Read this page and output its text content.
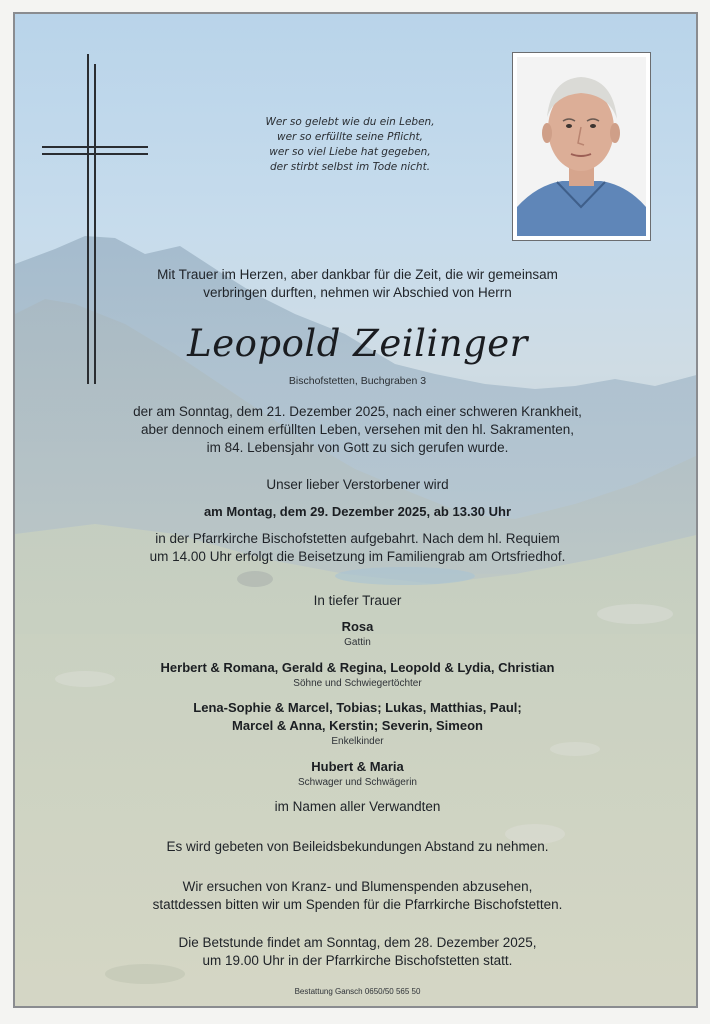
Wer so gelebt wie du ein Leben,
wer so erfüllte seine Pflicht,
wer so viel Liebe hat gegeben,
der stirbt selbst im Tode nicht.
Mit Trauer im Herzen, aber dankbar für die Zeit, die wir gemeinsam
verbringen durften, nehmen wir Abschied von Herrn
Leopold Zeilinger
Bischofstetten, Buchgraben 3
der am Sonntag, dem 21. Dezember 2025, nach einer schweren Krankheit,
aber dennoch einem erfüllten Leben, versehen mit den hl. Sakramenten,
im 84. Lebensjahr von Gott zu sich gerufen wurde.
Unser lieber Verstorbener wird
am Montag, dem 29. Dezember 2025, ab 13.30 Uhr
in der Pfarrkirche Bischofstetten aufgebahrt. Nach dem hl. Requiem
um 14.00 Uhr erfolgt die Beisetzung im Familiengrab am Ortsfriedhof.
In tiefer Trauer
Rosa
Gattin
Herbert & Romana, Gerald & Regina, Leopold & Lydia, Christian
Söhne und Schwiegertöchter
Lena-Sophie & Marcel, Tobias; Lukas, Matthias, Paul;
Marcel & Anna, Kerstin; Severin, Simeon
Enkelkinder
Hubert & Maria
Schwager und Schwägerin
im Namen aller Verwandten
Es wird gebeten von Beileidsbekundungen Abstand zu nehmen.
Wir ersuchen von Kranz- und Blumenspenden abzusehen,
stattdessen bitten wir um Spenden für die Pfarrkirche Bischofstetten.
Die Betstunde findet am Sonntag, dem 28. Dezember 2025,
um 19.00 Uhr in der Pfarrkirche Bischofstetten statt.
Bestattung Gansch 0650/50 565 50
